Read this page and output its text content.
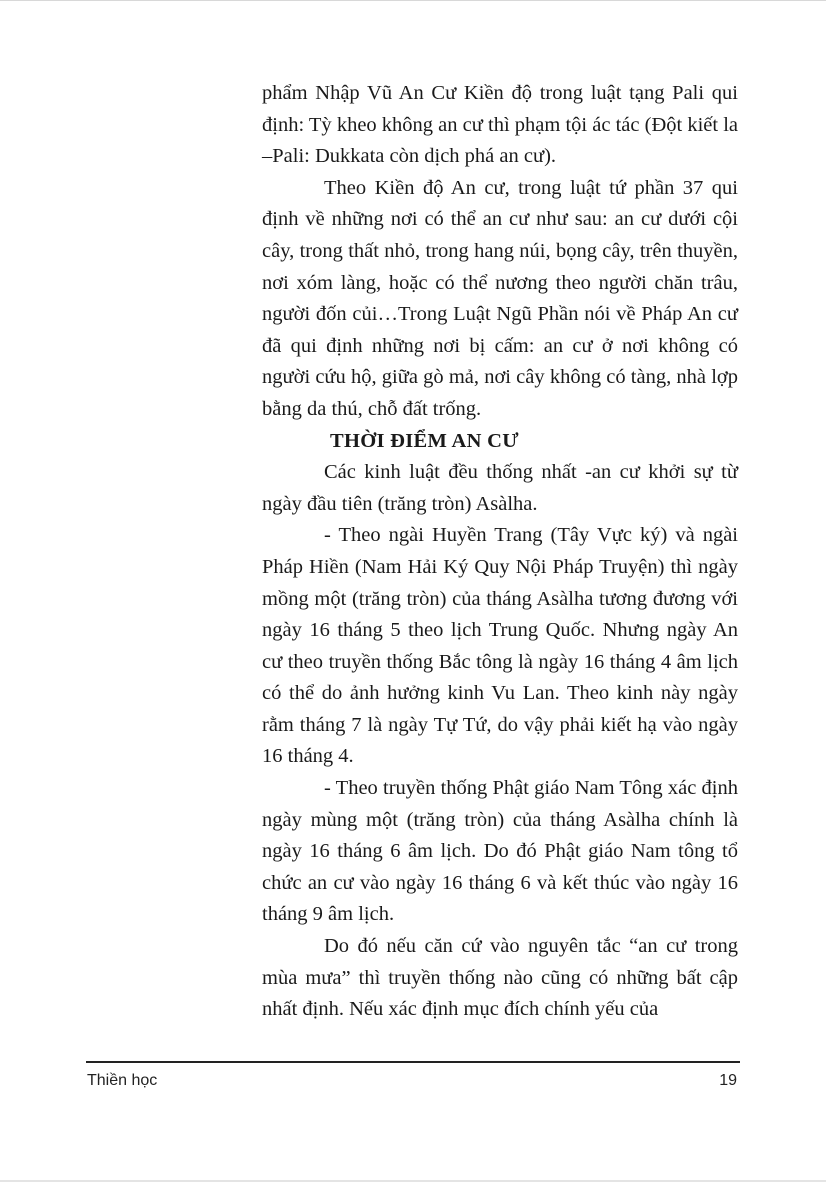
phẩm Nhập Vũ An Cư Kiền độ trong luật tạng Pali qui định: Tỳ kheo không an cư thì phạm tội ác tác (Đột kiết la –Pali: Dukkata còn dịch phá an cư).

Theo Kiền độ An cư, trong luật tứ phần 37 qui định về những nơi có thể an cư như sau: an cư dưới cội cây, trong thất nhỏ, trong hang núi, bọng cây, trên thuyền, nơi xóm làng, hoặc có thể nương theo người chăn trâu, người đốn củi…Trong Luật Ngũ Phần nói về Pháp An cư đã qui định những nơi bị cấm: an cư ở nơi không có người cứu hộ, giữa gò mả, nơi cây không có tàng, nhà lợp bằng da thú, chỗ đất trống.

THỜI ĐIỂM AN CƯ

Các kinh luật đều thống nhất -an cư khởi sự từ ngày đầu tiên (trăng tròn) Asàlha.

- Theo ngài Huyền Trang (Tây Vực ký) và ngài Pháp Hiền (Nam Hải Ký Quy Nội Pháp Truyện) thì ngày mồng một (trăng tròn) của tháng Asàlha tương đương với ngày 16 tháng 5 theo lịch Trung Quốc. Nhưng ngày An cư theo truyền thống Bắc tông là ngày 16 tháng 4 âm lịch có thể do ảnh hưởng kinh Vu Lan. Theo kinh này ngày rằm tháng 7 là ngày Tự Tứ, do vậy phải kiết hạ vào ngày 16 tháng 4.

- Theo truyền thống Phật giáo Nam Tông xác định ngày mùng một (trăng tròn) của tháng Asàlha chính là ngày 16 tháng 6 âm lịch. Do đó Phật giáo Nam tông tổ chức an cư vào ngày 16 tháng 6 và kết thúc vào ngày 16 tháng 9 âm lịch.

Do đó nếu căn cứ vào nguyên tắc “an cư trong mùa mưa” thì truyền thống nào cũng có những bất cập nhất định. Nếu xác định mục đích chính yếu của

Thiền học	19
